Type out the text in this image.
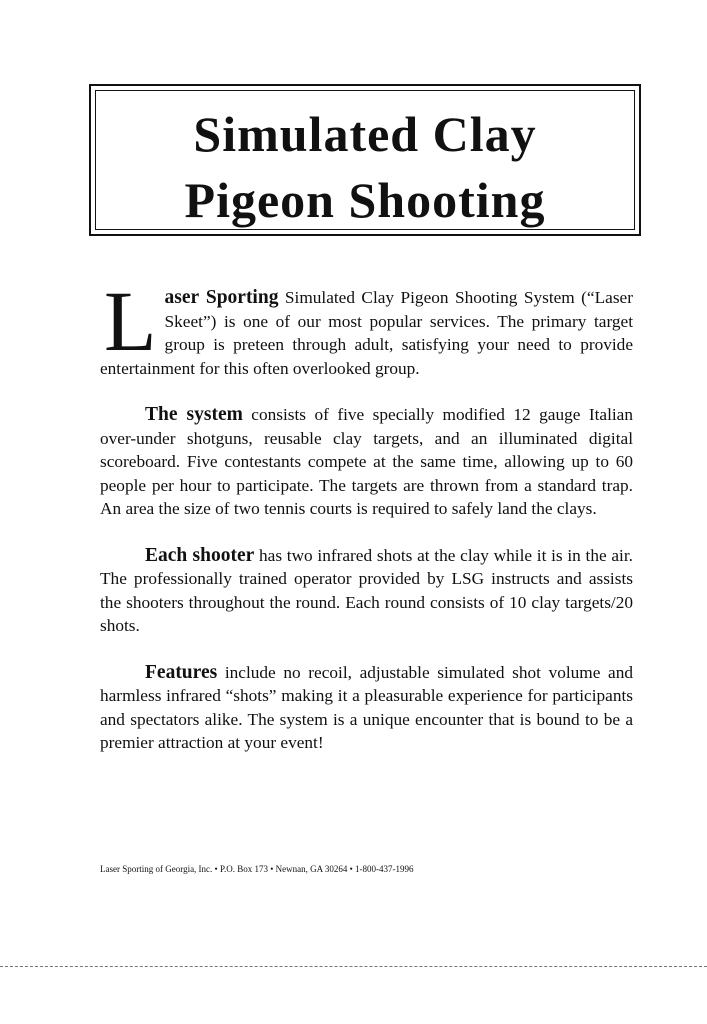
Simulated Clay
Pigeon Shooting

Laser Sporting Simulated Clay Pigeon Shooting System (“Laser Skeet”) is one of our most popular services. The primary target group is preteen through adult, satisfying your need to provide entertainment for this often overlooked group.

The system consists of five specially modified 12 gauge Italian over-under shotguns, reusable clay targets, and an illuminated digital scoreboard. Five contestants compete at the same time, allowing up to 60 people per hour to participate. The targets are thrown from a standard trap. An area the size of two tennis courts is required to safely land the clays.

Each shooter has two infrared shots at the clay while it is in the air. The professionally trained operator provided by LSG instructs and assists the shooters throughout the round. Each round consists of 10 clay targets/20 shots.

Features include no recoil, adjustable simulated shot volume and harmless infrared “shots” making it a pleasurable experience for participants and spectators alike. The system is a unique encounter that is bound to be a premier attraction at your event!

Laser Sporting of Georgia, Inc. • P.O. Box 173 • Newnan, GA 30264 • 1-800-437-1996
